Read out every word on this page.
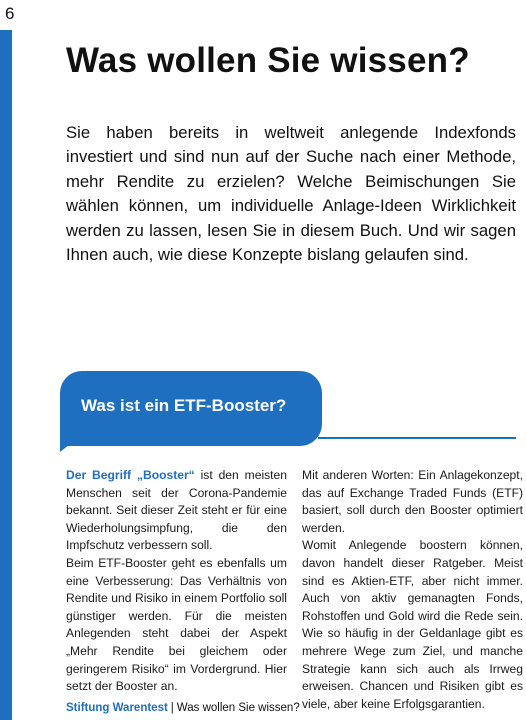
6
Was wollen Sie wissen?

Sie haben bereits in weltweit anlegende Indexfonds investiert und sind nun auf der Suche nach einer Methode, mehr Rendite zu erzielen? Welche Beimischungen Sie wählen können, um individuelle Anlage-Ideen Wirklichkeit werden zu lassen, lesen Sie in diesem Buch. Und wir sagen Ihnen auch, wie diese Konzepte bislang gelaufen sind.

Was ist ein ETF-Booster?

Der Begriff „Booster“ ist den meisten Menschen seit der Corona-Pandemie bekannt. Seit dieser Zeit steht er für eine Wiederholungsimpfung, die den Impfschutz verbessern soll.

Beim ETF-Booster geht es ebenfalls um eine Verbesserung: Das Verhältnis von Rendite und Risiko in einem Portfolio soll günstiger werden. Für die meisten Anlegenden steht dabei der Aspekt „Mehr Rendite bei gleichem oder geringerem Risiko“ im Vordergrund. Hier setzt der Booster an.

Mit anderen Worten: Ein Anlagekonzept, das auf Exchange Traded Funds (ETF) basiert, soll durch den Booster optimiert werden.

Womit Anlegende boostern können, davon handelt dieser Ratgeber. Meist sind es Aktien-ETF, aber nicht immer. Auch von aktiv gemanagten Fonds, Rohstoffen und Gold wird die Rede sein. Wie so häufig in der Geldanlage gibt es mehrere Wege zum Ziel, und manche Strategie kann sich auch als Irrweg erweisen. Chancen und Risiken gibt es viele, aber keine Erfolgsgarantien.

Stiftung Warentest | Was wollen Sie wissen?
